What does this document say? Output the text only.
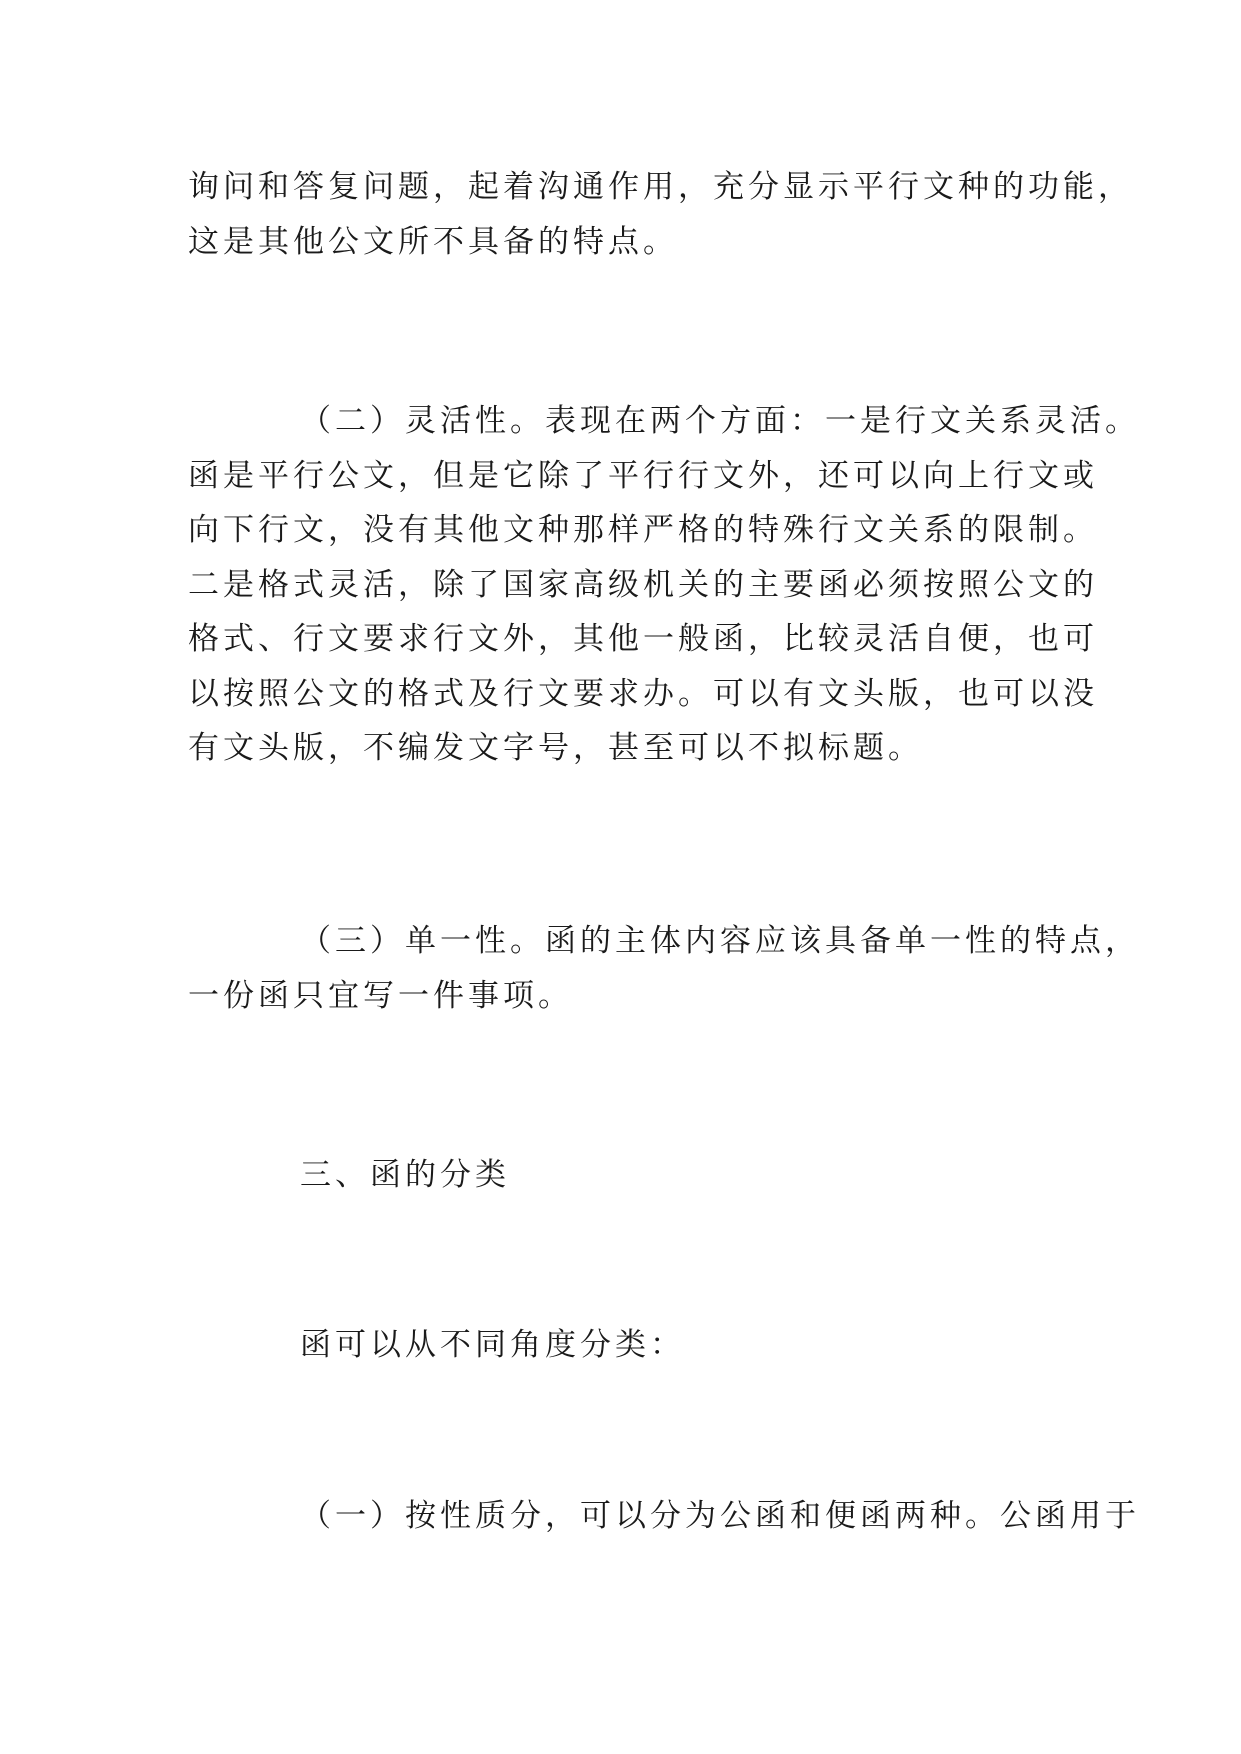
询问和答复问题，起着沟通作用，充分显示平行文种的功能，
这是其他公文所不具备的特点。

（二）灵活性。表现在两个方面：一是行文关系灵活。
函是平行公文，但是它除了平行行文外，还可以向上行文或
向下行文，没有其他文种那样严格的特殊行文关系的限制。
二是格式灵活，除了国家高级机关的主要函必须按照公文的
格式、行文要求行文外，其他一般函，比较灵活自便，也可
以按照公文的格式及行文要求办。可以有文头版，也可以没
有文头版，不编发文字号，甚至可以不拟标题。

（三）单一性。函的主体内容应该具备单一性的特点，
一份函只宜写一件事项。

三、函的分类

函可以从不同角度分类：

（一）按性质分，可以分为公函和便函两种。公函用于
